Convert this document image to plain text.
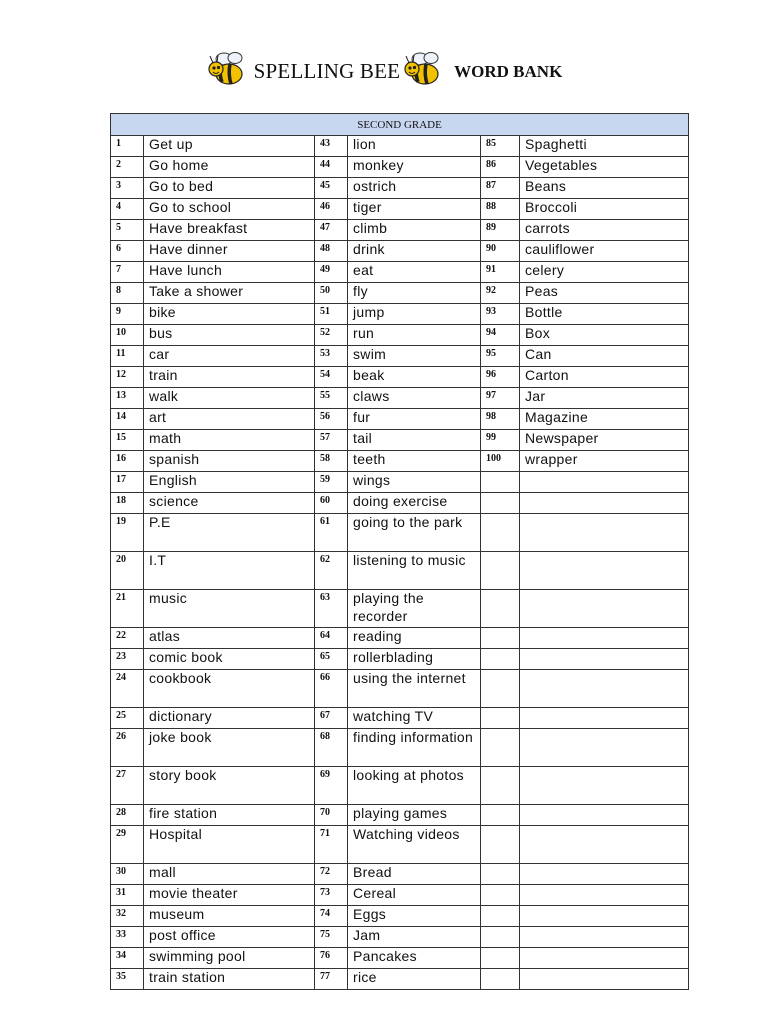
SPELLING BEE	WORD BANK
SECOND GRADE					
1	Get up	43	lion	85	Spaghetti
2	Go home	44	monkey	86	Vegetables
3	Go to bed	45	ostrich	87	Beans
4	Go to school	46	tiger	88	Broccoli
5	Have breakfast	47	climb	89	carrots
6	Have dinner	48	drink	90	cauliflower
7	Have lunch	49	eat	91	celery
8	Take a shower	50	fly	92	Peas
9	bike	51	jump	93	Bottle
10	bus	52	run	94	Box
11	car	53	swim	95	Can
12	train	54	beak	96	Carton
13	walk	55	claws	97	Jar
14	art	56	fur	98	Magazine
15	math	57	tail	99	Newspaper
16	spanish	58	teeth	100	wrapper
17	English	59	wings		
18	science	60	doing exercise		
19	P.E	61	going to the park		
20	I.T	62	listening to music		
21	music	63	playing the recorder		
22	atlas	64	reading		
23	comic book	65	rollerblading		
24	cookbook	66	using the internet		
25	dictionary	67	watching TV		
26	joke book	68	finding information		
27	story book	69	looking at photos		
28	fire station	70	playing games		
29	Hospital	71	Watching videos		
30	mall	72	Bread		
31	movie theater	73	Cereal		
32	museum	74	Eggs		
33	post office	75	Jam		
34	swimming pool	76	Pancakes		
35	train station	77	rice		
